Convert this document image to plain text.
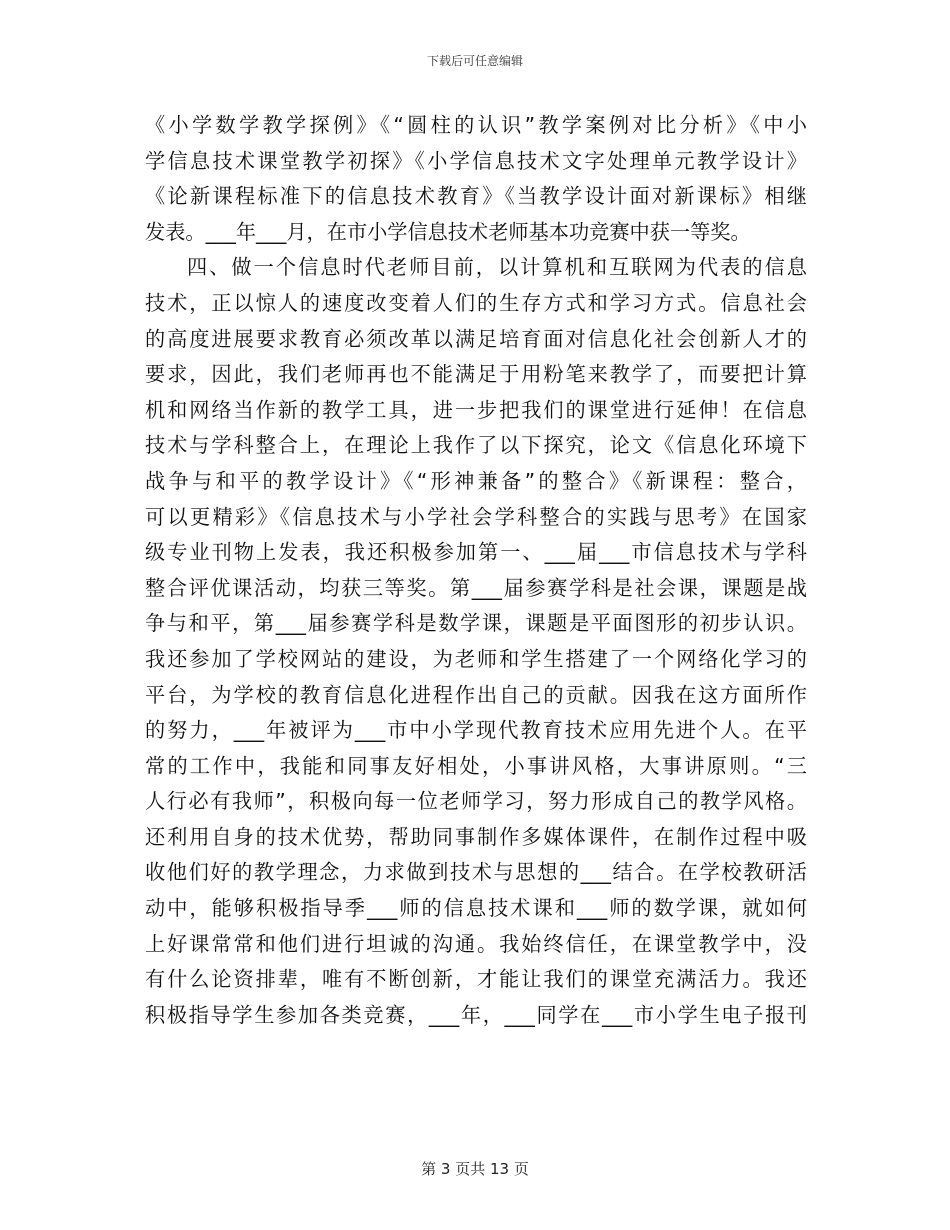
下载后可任意编辑
《小学数学教学探例》《“圆柱的认识”教学案例对比分析》《中小
学信息技术课堂教学初探》《小学信息技术文字处理单元教学设计》
《论新课程标准下的信息技术教育》《当教学设计面对新课标》相继
发表。___年___月，在市小学信息技术老师基本功竞赛中获一等奖。
四、做一个信息时代老师目前，以计算机和互联网为代表的信息
技术，正以惊人的速度改变着人们的生存方式和学习方式。信息社会
的高度进展要求教育必须改革以满足培育面对信息化社会创新人才的
要求，因此，我们老师再也不能满足于用粉笔来教学了，而要把计算
机和网络当作新的教学工具，进一步把我们的课堂进行延伸！在信息
技术与学科整合上，在理论上我作了以下探究，论文《信息化环境下
战争与和平的教学设计》《“形神兼备”的整合》《新课程：整合，
可以更精彩》《信息技术与小学社会学科整合的实践与思考》在国家
级专业刊物上发表，我还积极参加第一、___届___市信息技术与学科
整合评优课活动，均获三等奖。第___届参赛学科是社会课，课题是战
争与和平，第___届参赛学科是数学课，课题是平面图形的初步认识。
我还参加了学校网站的建设，为老师和学生搭建了一个网络化学习的
平台，为学校的教育信息化进程作出自己的贡献。因我在这方面所作
的努力，___年被评为___市中小学现代教育技术应用先进个人。在平
常的工作中，我能和同事友好相处，小事讲风格，大事讲原则。“三
人行必有我师”，积极向每一位老师学习，努力形成自己的教学风格。
还利用自身的技术优势，帮助同事制作多媒体课件，在制作过程中吸
收他们好的教学理念，力求做到技术与思想的___结合。在学校教研活
动中，能够积极指导季___师的信息技术课和___师的数学课，就如何
上好课常常和他们进行坦诚的沟通。我始终信任，在课堂教学中，没
有什么论资排辈，唯有不断创新，才能让我们的课堂充满活力。我还
积极指导学生参加各类竞赛，___年，___同学在___市小学生电子报刊
第 3 页共 13 页
